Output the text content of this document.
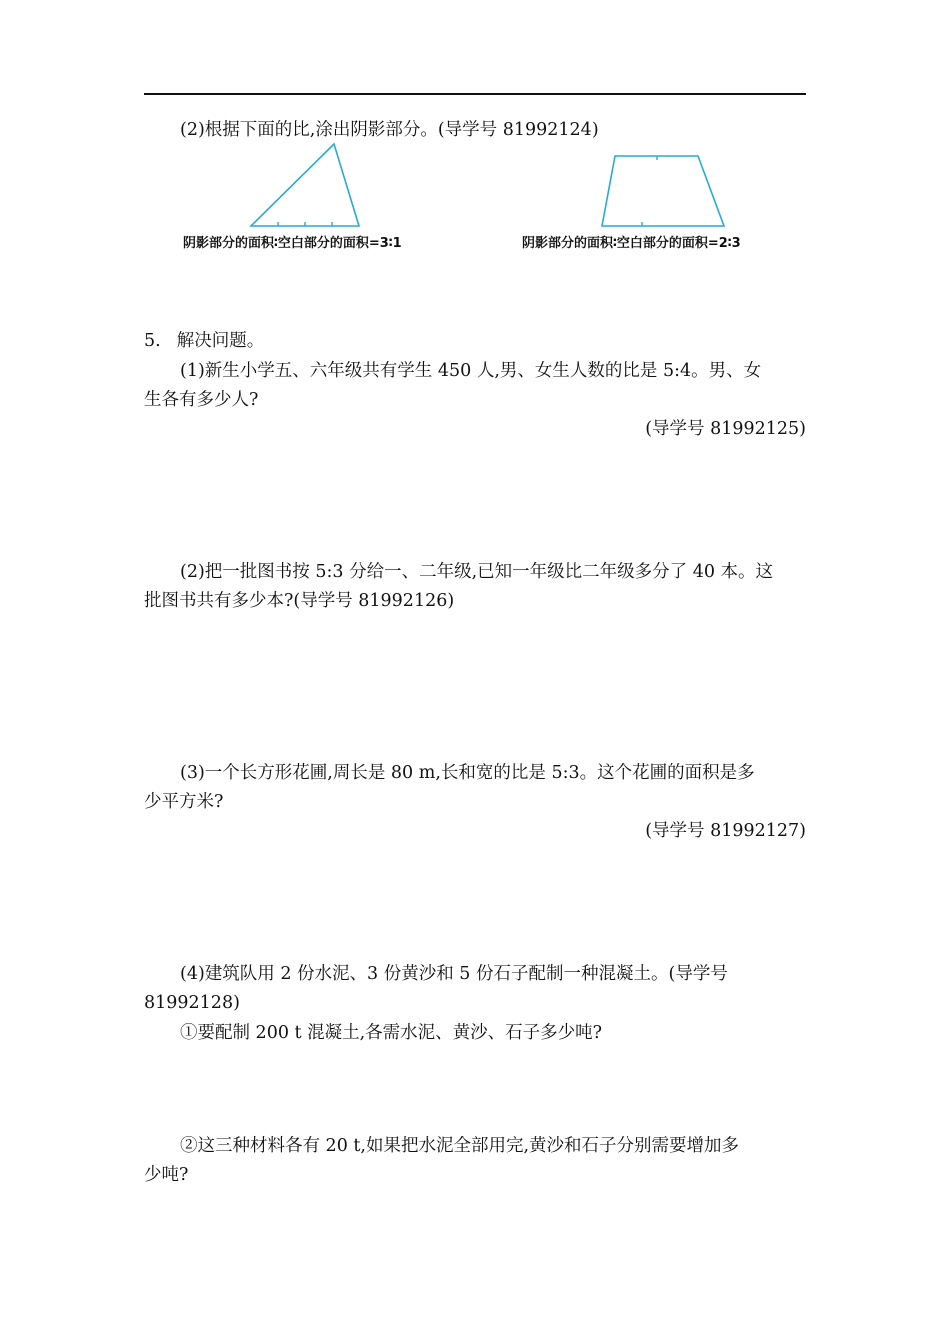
(2)根据下面的比,涂出阴影部分。(导学号 81992124)
阴影部分的面积∶空白部分的面积=3∶1	阴影部分的面积∶空白部分的面积=2∶3
5. 解决问题。
(1)新生小学五、六年级共有学生 450 人,男、女生人数的比是 5:4。男、女
生各有多少人?
(导学号 81992125)
(2)把一批图书按 5:3 分给一、二年级,已知一年级比二年级多分了 40 本。这
批图书共有多少本?(导学号 81992126)
(3)一个长方形花圃,周长是 80 m,长和宽的比是 5:3。这个花圃的面积是多
少平方米?
(导学号 81992127)
(4)建筑队用 2 份水泥、3 份黄沙和 5 份石子配制一种混凝土。(导学号
81992128)
①要配制 200 t 混凝土,各需水泥、黄沙、石子多少吨?
②这三种材料各有 20 t,如果把水泥全部用完,黄沙和石子分别需要增加多
少吨?
